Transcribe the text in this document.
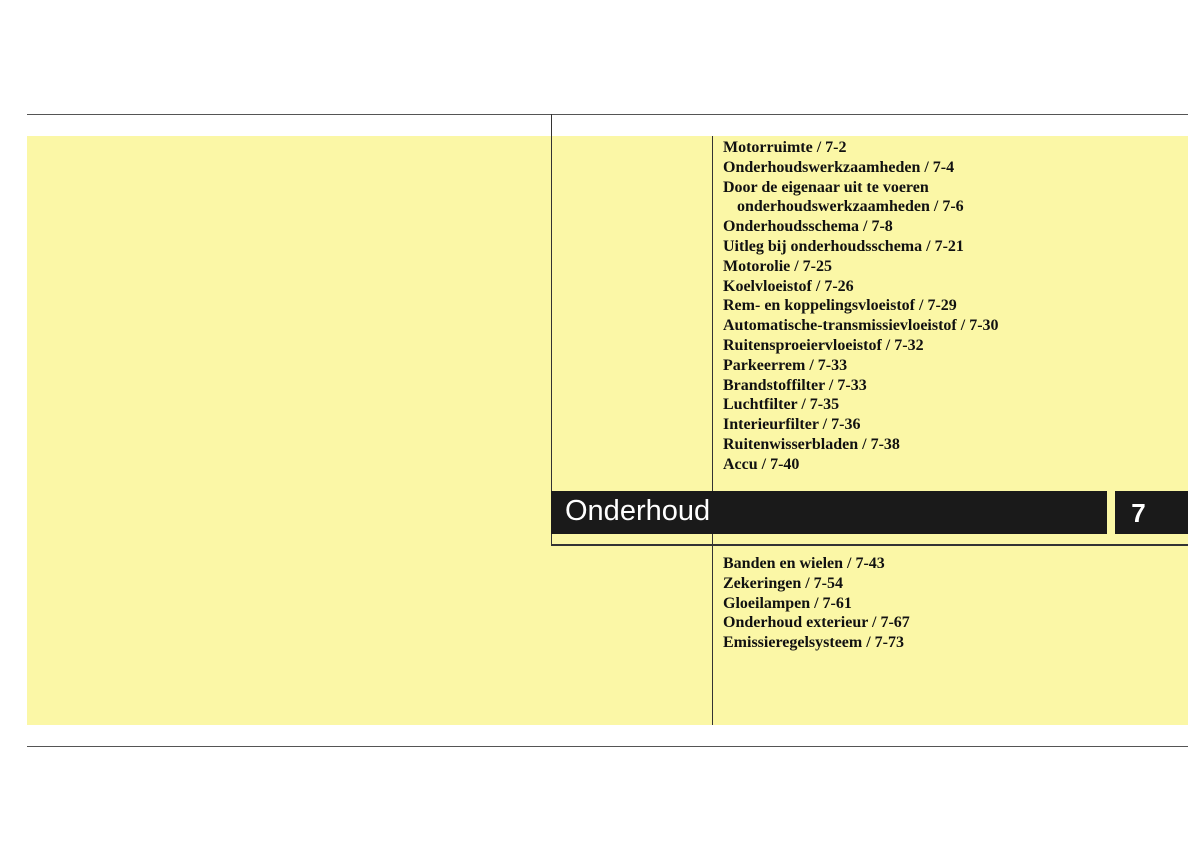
Motorruimte / 7-2
Onderhoudswerkzaamheden / 7-4
Door de eigenaar uit te voeren
onderhoudswerkzaamheden / 7-6
Onderhoudsschema / 7-8
Uitleg bij onderhoudsschema / 7-21
Motorolie / 7-25
Koelvloeistof / 7-26
Rem- en koppelingsvloeistof / 7-29
Automatische-transmissievloeistof / 7-30
Ruitensproeiervloeistof / 7-32
Parkeerrem / 7-33
Brandstoffilter / 7-33
Luchtfilter / 7-35
Interieurfilter / 7-36
Ruitenwisserbladen / 7-38
Accu / 7-40
Onderhoud	7
Banden en wielen / 7-43
Zekeringen / 7-54
Gloeilampen / 7-61
Onderhoud exterieur / 7-67
Emissieregelsysteem / 7-73
